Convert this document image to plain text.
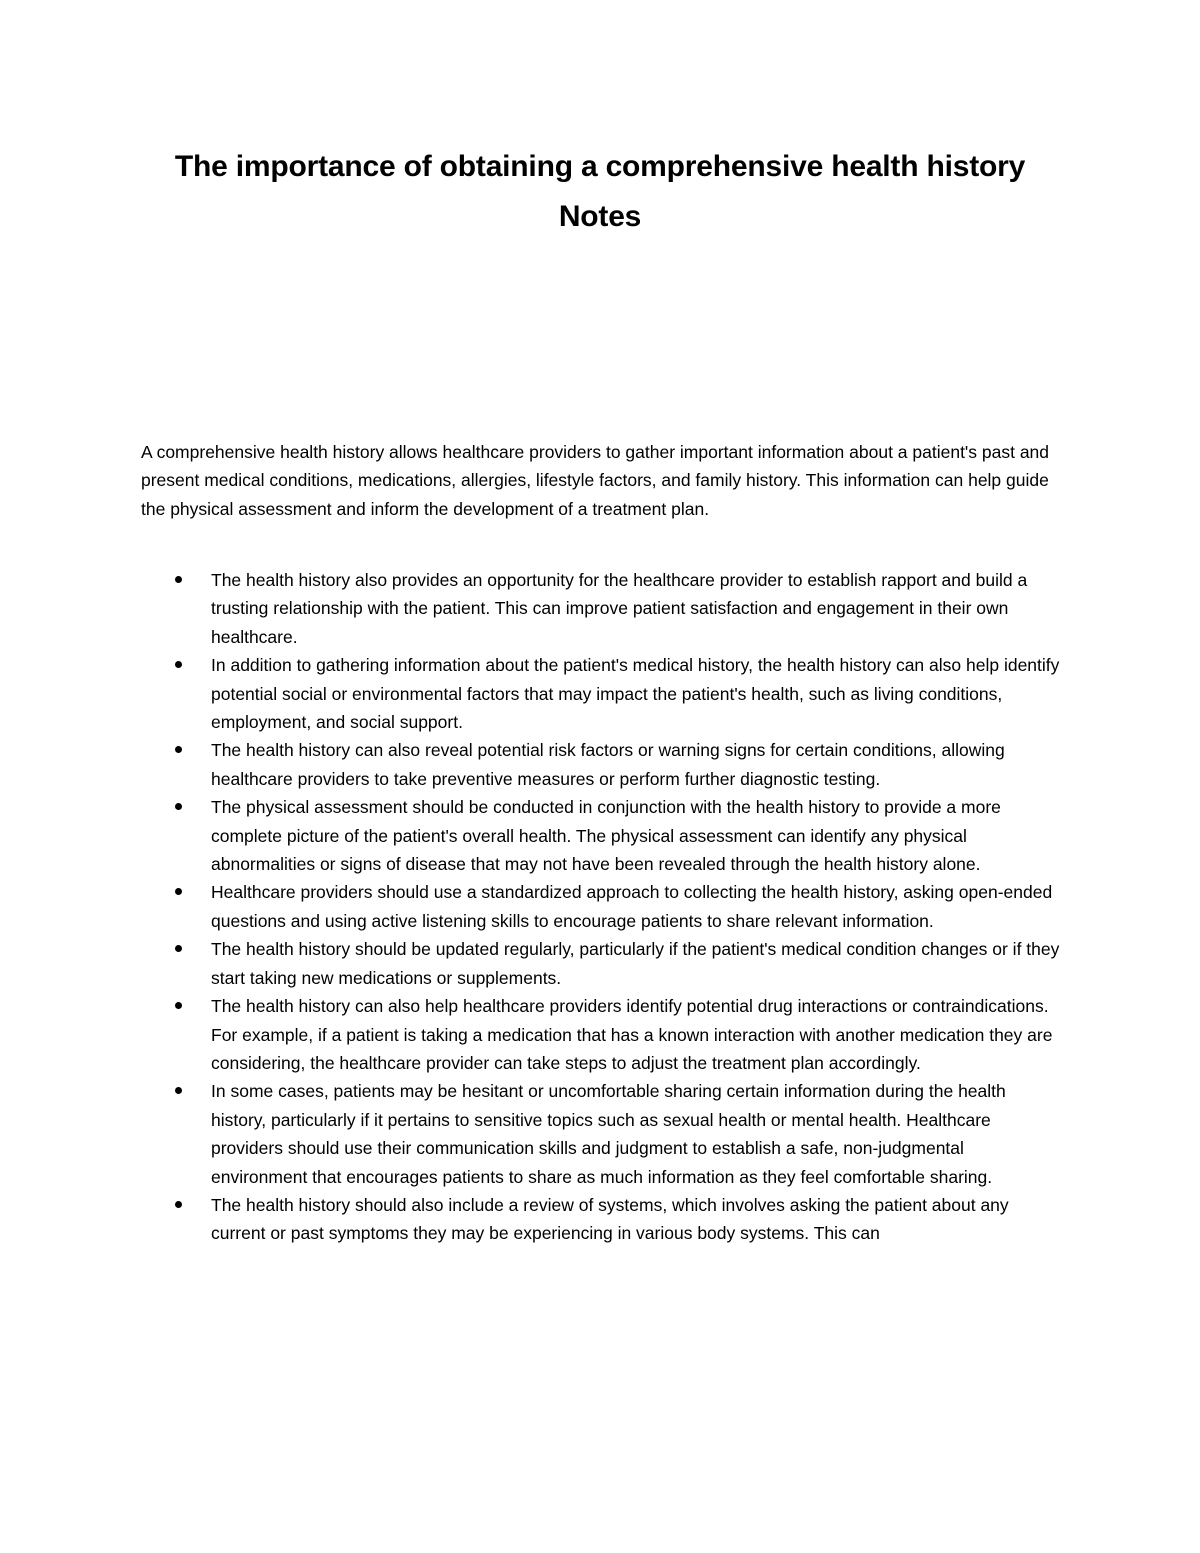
The importance of obtaining a comprehensive health history
Notes

A comprehensive health history allows healthcare providers to gather important information about a patient's past and present medical conditions, medications, allergies, lifestyle factors, and family history. This information can help guide the physical assessment and inform the development of a treatment plan.

The health history also provides an opportunity for the healthcare provider to establish rapport and build a trusting relationship with the patient. This can improve patient satisfaction and engagement in their own healthcare.
In addition to gathering information about the patient's medical history, the health history can also help identify potential social or environmental factors that may impact the patient's health, such as living conditions, employment, and social support.
The health history can also reveal potential risk factors or warning signs for certain conditions, allowing healthcare providers to take preventive measures or perform further diagnostic testing.
The physical assessment should be conducted in conjunction with the health history to provide a more complete picture of the patient's overall health. The physical assessment can identify any physical abnormalities or signs of disease that may not have been revealed through the health history alone.
Healthcare providers should use a standardized approach to collecting the health history, asking open-ended questions and using active listening skills to encourage patients to share relevant information.
The health history should be updated regularly, particularly if the patient's medical condition changes or if they start taking new medications or supplements.
The health history can also help healthcare providers identify potential drug interactions or contraindications. For example, if a patient is taking a medication that has a known interaction with another medication they are considering, the healthcare provider can take steps to adjust the treatment plan accordingly.
In some cases, patients may be hesitant or uncomfortable sharing certain information during the health history, particularly if it pertains to sensitive topics such as sexual health or mental health. Healthcare providers should use their communication skills and judgment to establish a safe, non-judgmental environment that encourages patients to share as much information as they feel comfortable sharing.
The health history should also include a review of systems, which involves asking the patient about any current or past symptoms they may be experiencing in various body systems. This can
